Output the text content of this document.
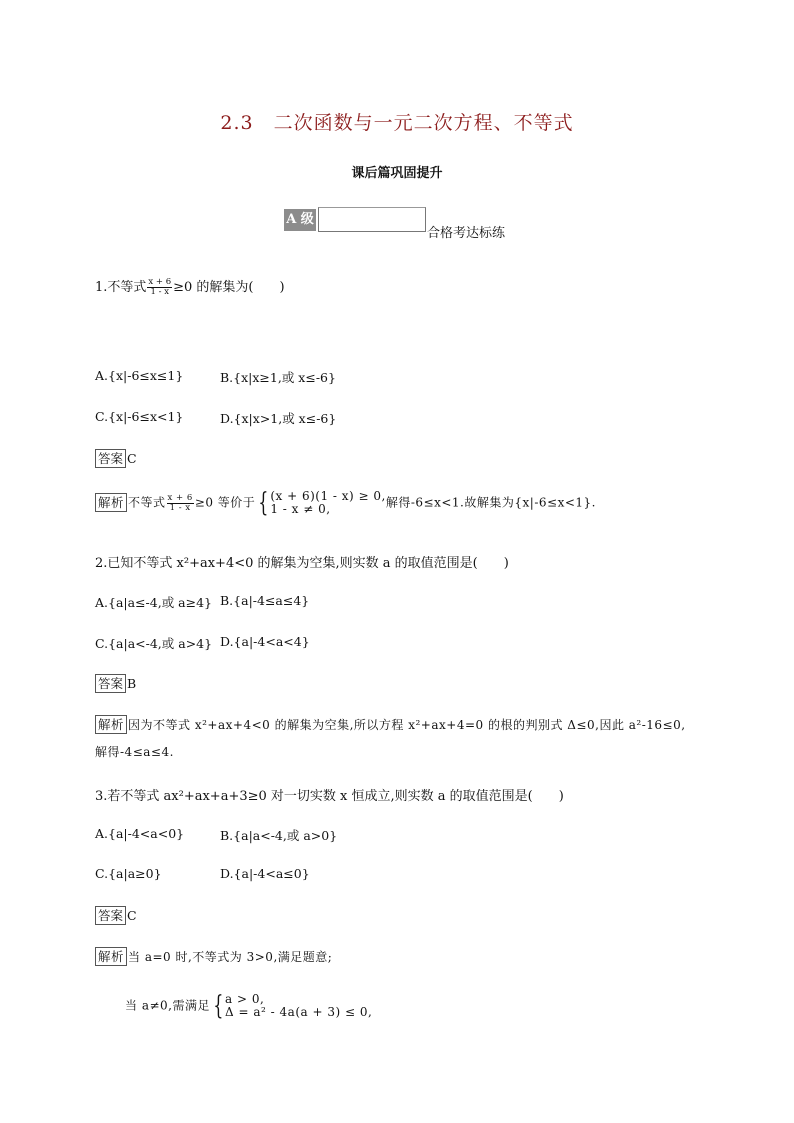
2.3　二次函数与一元二次方程、不等式
课后篇巩固提升
A 级
合格考达标练
1.不等式 $\frac{x + 6}{1 - x} \ge 0$ 的解集为(　　)
A.{x|-6≤x≤1}	B.{x|x≥1,或 x≤-6}
C.{x|-6≤x<1}	D.{x|x>1,或 x≤-6}
答案 C
解析 不等式 $\frac{x + 6}{1 - x} \ge 0$ 等价于 { (x + 6)(1 - x) ≥ 0,
1 - x ≠ 0,	解得-6≤x<1.故解集为{x|-6≤x<1}.
2.已知不等式 x²+ax+4<0 的解集为空集,则实数 a 的取值范围是(　　)
A.{a|a≤-4,或 a≥4} B.{a|-4≤a≤4}
C.{a|a<-4,或 a>4} D.{a|-4<a<4}
答案 B
解析 因为不等式 x²+ax+4<0 的解集为空集,所以方程 x²+ax+4=0 的根的判别式 Δ≤0,因此 a²-16≤0,
解得-4≤a≤4.
3.若不等式 ax²+ax+a+3≥0 对一切实数 x 恒成立,则实数 a 的取值范围是(　　)
A.{a|-4<a<0}	B.{a|a<-4,或 a>0}
C.{a|a≥0}	D.{a|-4<a≤0}
答案 C
解析 当 a=0 时,不等式为 3>0,满足题意;
当 a≠0,需满足 { a > 0,
Δ = a² - 4a(a + 3) ≤ 0,
